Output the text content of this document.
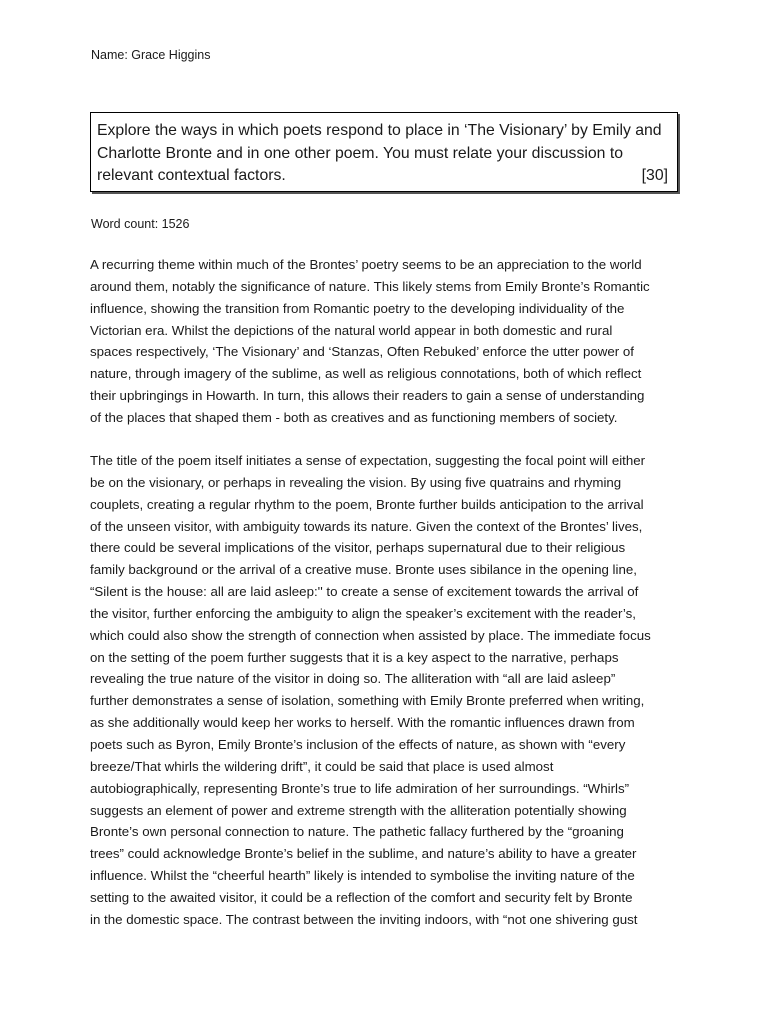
Name: Grace Higgins
Explore the ways in which poets respond to place in ‘The Visionary’ by Emily and
Charlotte Bronte and in one other poem. You must relate your discussion to
relevant contextual factors.	[30]
Word count: 1526
A recurring theme within much of the Brontes’ poetry seems to be an appreciation to the world
around them, notably the significance of nature. This likely stems from Emily Bronte’s Romantic
influence, showing the transition from Romantic poetry to the developing individuality of the
Victorian era. Whilst the depictions of the natural world appear in both domestic and rural
spaces respectively, ‘The Visionary’ and ‘Stanzas, Often Rebuked’ enforce the utter power of
nature, through imagery of the sublime, as well as religious connotations, both of which reflect
their upbringings in Howarth. In turn, this allows their readers to gain a sense of understanding
of the places that shaped them - both as creatives and as functioning members of society.
The title of the poem itself initiates a sense of expectation, suggesting the focal point will either
be on the visionary, or perhaps in revealing the vision. By using five quatrains and rhyming
couplets, creating a regular rhythm to the poem, Bronte further builds anticipation to the arrival
of the unseen visitor, with ambiguity towards its nature. Given the context of the Brontes’ lives,
there could be several implications of the visitor, perhaps supernatural due to their religious
family background or the arrival of a creative muse. Bronte uses sibilance in the opening line,
“Silent is the house: all are laid asleep:'' to create a sense of excitement towards the arrival of
the visitor, further enforcing the ambiguity to align the speaker’s excitement with the reader’s,
which could also show the strength of connection when assisted by place. The immediate focus
on the setting of the poem further suggests that it is a key aspect to the narrative, perhaps
revealing the true nature of the visitor in doing so. The alliteration with “all are laid asleep”
further demonstrates a sense of isolation, something with Emily Bronte preferred when writing,
as she additionally would keep her works to herself. With the romantic influences drawn from
poets such as Byron, Emily Bronte’s inclusion of the effects of nature, as shown with “every
breeze/That whirls the wildering drift”, it could be said that place is used almost
autobiographically, representing Bronte’s true to life admiration of her surroundings. “Whirls”
suggests an element of power and extreme strength with the alliteration potentially showing
Bronte’s own personal connection to nature. The pathetic fallacy furthered by the “groaning
trees” could acknowledge Bronte’s belief in the sublime, and nature’s ability to have a greater
influence. Whilst the “cheerful hearth” likely is intended to symbolise the inviting nature of the
setting to the awaited visitor, it could be a reflection of the comfort and security felt by Bronte
in the domestic space. The contrast between the inviting indoors, with “not one shivering gust
